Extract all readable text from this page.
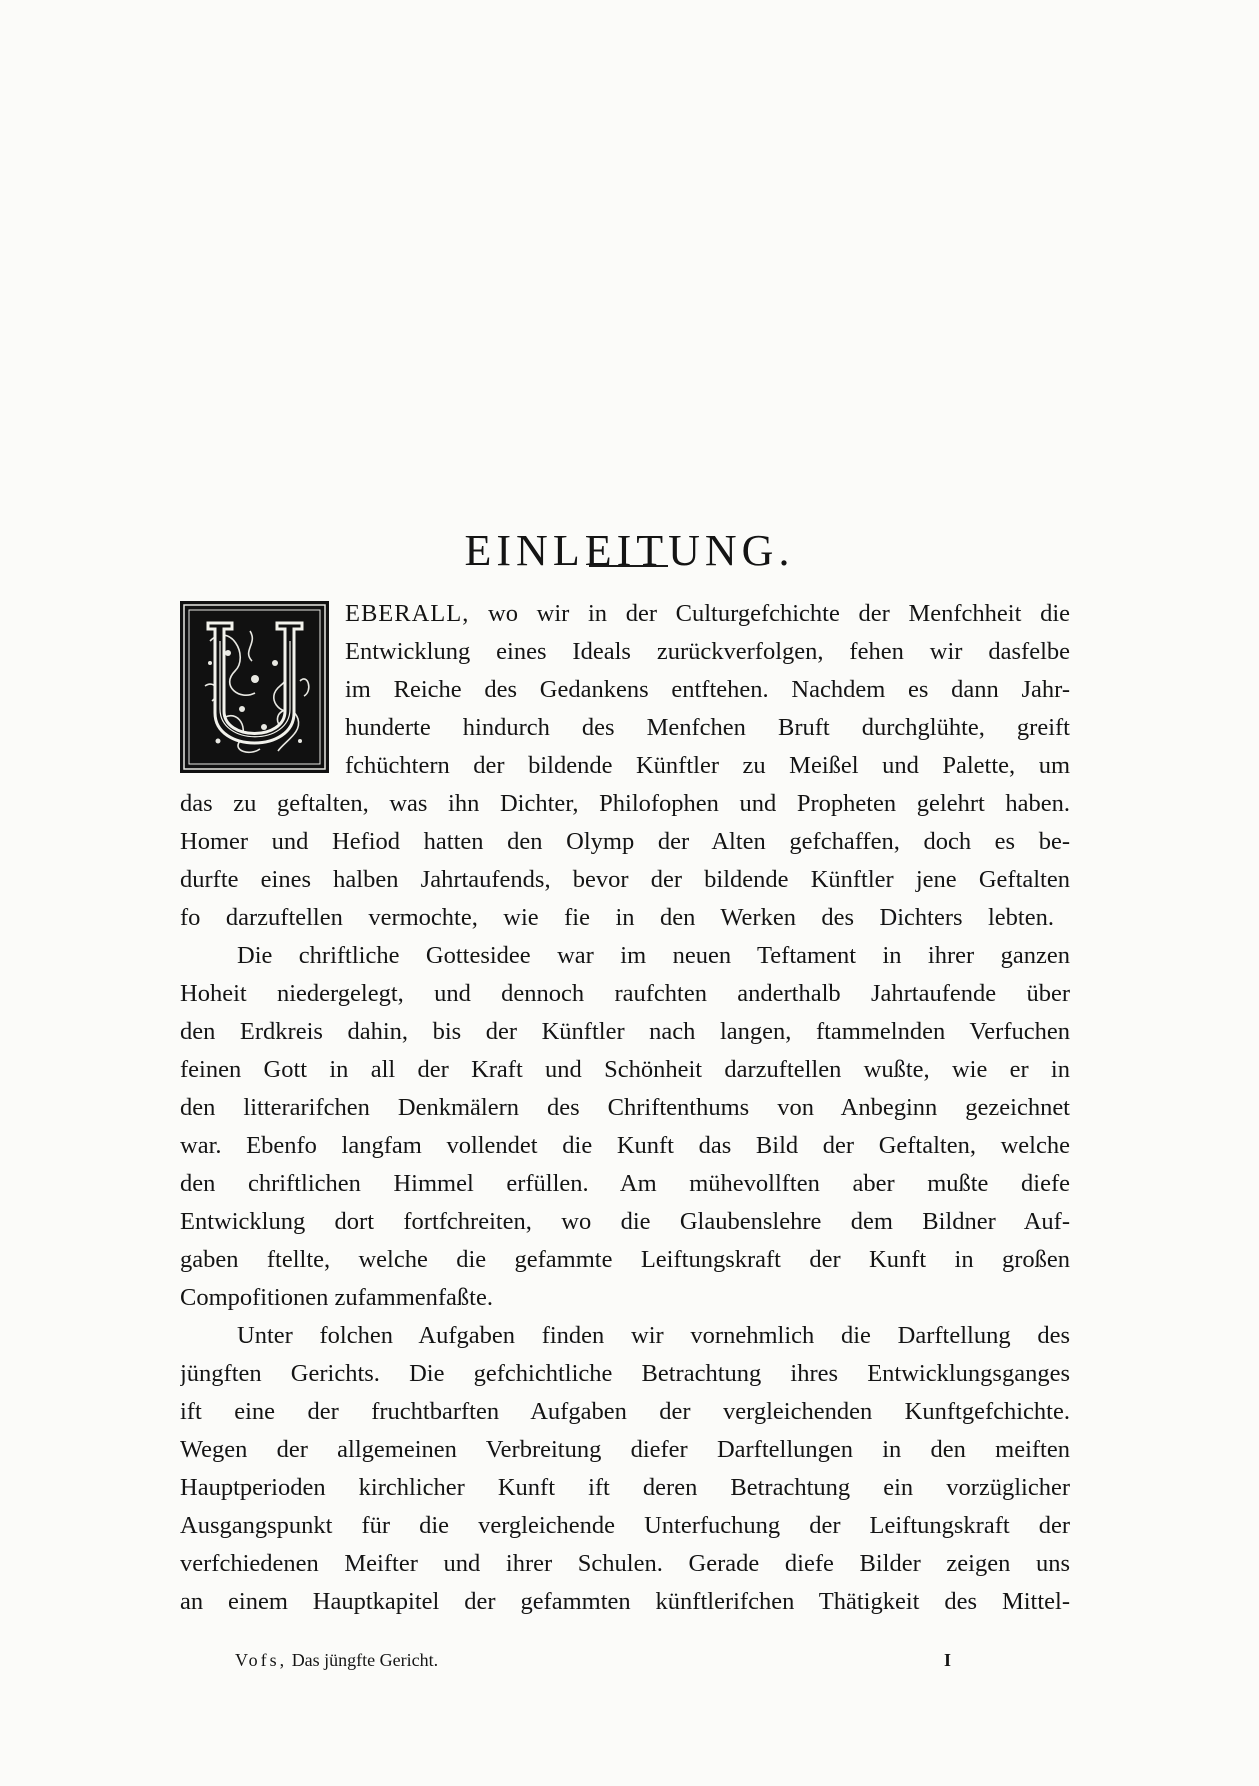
EINLEITUNG.
EBERALL, wo wir in der Culturgefchichte der Menfchheit die
Entwicklung eines Ideals zurückverfolgen, fehen wir dasfelbe
im Reiche des Gedankens entftehen. Nachdem es dann Jahr-
hunderte hindurch des Menfchen Bruft durchglühte, greift
fchüchtern der bildende Künftler zu Meißel und Palette, um
das zu geftalten, was ihn Dichter, Philofophen und Propheten gelehrt haben.
Homer und Hefiod hatten den Olymp der Alten gefchaffen, doch es be-
durfte eines halben Jahrtaufends, bevor der bildende Künftler jene Geftalten
fo darzuftellen vermochte, wie fie in den Werken des Dichters lebten.
Die chriftliche Gottesidee war im neuen Teftament in ihrer ganzen
Hoheit niedergelegt, und dennoch raufchten anderthalb Jahrtaufende über
den Erdkreis dahin, bis der Künftler nach langen, ftammelnden Verfuchen
feinen Gott in all der Kraft und Schönheit darzuftellen wußte, wie er in
den litterarifchen Denkmälern des Chriftenthums von Anbeginn gezeichnet
war. Ebenfo langfam vollendet die Kunft das Bild der Geftalten, welche
den chriftlichen Himmel erfüllen. Am mühevollften aber mußte diefe
Entwicklung dort fortfchreiten, wo die Glaubenslehre dem Bildner Auf-
gaben ftellte, welche die gefammte Leiftungskraft der Kunft in großen
Compofitionen zufammenfaßte.
Unter folchen Aufgaben finden wir vornehmlich die Darftellung des
jüngften Gerichts. Die gefchichtliche Betrachtung ihres Entwicklungsganges
ift eine der fruchtbarften Aufgaben der vergleichenden Kunftgefchichte.
Wegen der allgemeinen Verbreitung diefer Darftellungen in den meiften
Hauptperioden kirchlicher Kunft ift deren Betrachtung ein vorzüglicher
Ausgangspunkt für die vergleichende Unterfuchung der Leiftungskraft der
verfchiedenen Meifter und ihrer Schulen. Gerade diefe Bilder zeigen uns
an einem Hauptkapitel der gefammten künftlerifchen Thätigkeit des Mittel-
Vofs, Das jüngfte Gericht.	I
